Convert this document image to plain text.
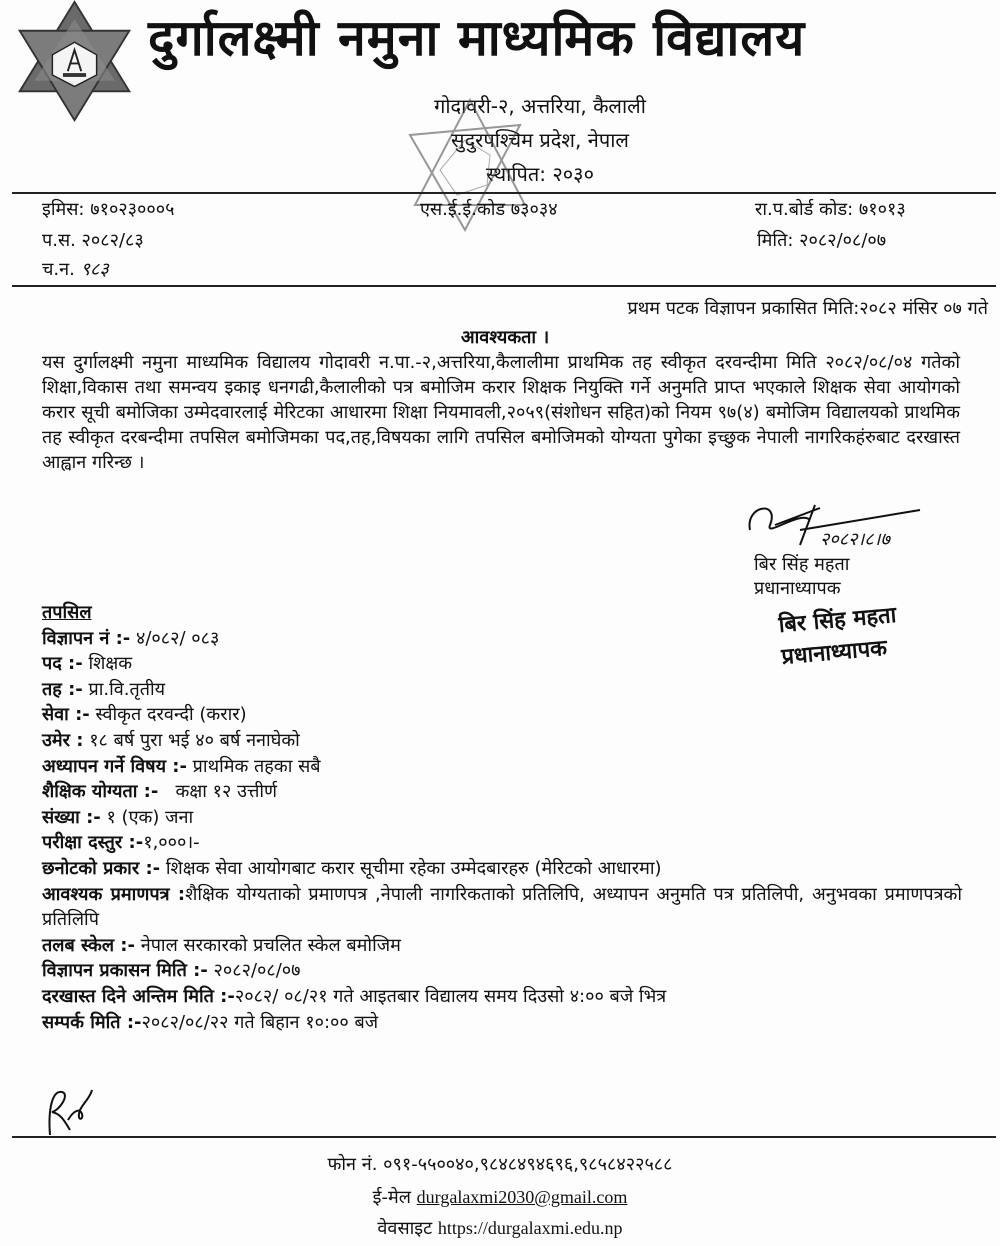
दुर्गालक्ष्मी नमुना माध्यमिक विद्यालय
गोदावरी-२, अत्तरिया, कैलाली
सुदुरपश्चिम प्रदेश, नेपाल
स्थापित: २०३०
इमिस: ७१०२३०००५	एस.ई.ई.कोड ७३०३४	रा.प.बोर्ड कोड: ७१०१३
प.स. २०८२/८३	मिति: २०८२/०८/०७
च.न. ९८३
प्रथम पटक विज्ञापन प्रकासित मिति:२०८२ मंसिर ०७ गते
आवश्यकता ।
यस दुर्गालक्ष्मी नमुना माध्यमिक विद्यालय गोदावरी न.पा.-२,अत्तरिया,कैलालीमा प्राथमिक तह स्वीकृत दरवन्दीमा मिति २०८२/०८/०४ गतेको शिक्षा,विकास तथा समन्वय इकाइ धनगढी,कैलालीको पत्र बमोजिम करार शिक्षक नियुक्ति गर्ने अनुमति प्राप्त भएकाले शिक्षक सेवा आयोगको करार सूची बमोजिका उम्मेदवारलाई मेरिटका आधारमा शिक्षा नियमावली,२०५९(संशोधन सहित)को नियम ९७(४) बमोजिम विद्यालयको प्राथमिक तह स्वीकृत दरबन्दीमा तपसिल बमोजिमका पद,तह,विषयका लागि तपसिल बमोजिमको योग्यता पुगेका इच्छुक नेपाली नागरिकहंरुबाट दरखास्त आह्वान गरिन्छ ।
२०८२।८।७
बिर सिंह महता
प्रधानाध्यापक
बिर सिंह महता
प्रधानाध्यापक
तपसिल
विज्ञापन नं :- ४/०८२/ ०८३
पद :- शिक्षक
तह :- प्रा.वि.तृतीय
सेवा :- स्वीकृत दरवन्दी (करार)
उमेर : १८ बर्ष पुरा भई ४० बर्ष ननाघेको
अध्यापन गर्ने विषय :- प्राथमिक तहका सबै
शैक्षिक योग्यता :-   कक्षा १२ उत्तीर्ण
संख्या :- १ (एक) जना
परीक्षा दस्तुर :-१,०००।-
छनोटको प्रकार :- शिक्षक सेवा आयोगबाट करार सूचीमा रहेका उम्मेदबारहरु (मेरिटको आधारमा)
आवश्यक प्रमाणपत्र :शैक्षिक योग्यताको प्रमाणपत्र ,नेपाली नागरिकताको प्रतिलिपि, अध्यापन अनुमति पत्र प्रतिलिपी, अनुभवका प्रमाणपत्रको प्रतिलिपि
तलब स्केल :- नेपाल सरकारको प्रचलित स्केल बमोजिम
विज्ञापन प्रकासन मिति :- २०८२/०८/०७
दरखास्त दिने अन्तिम मिति :-२०८२/ ०८/२१ गते आइतबार विद्यालय समय दिउसो ४:०० बजे भित्र
सम्पर्क मिति :-२०८२/०८/२२ गते बिहान १०:०० बजे
फोन नं. ०९१-५५००४०,९८४८४९४६९६,९८५८४२२५८८
ई-मेल durgalaxmi2030@gmail.com
वेवसाइट https://durgalaxmi.edu.np
